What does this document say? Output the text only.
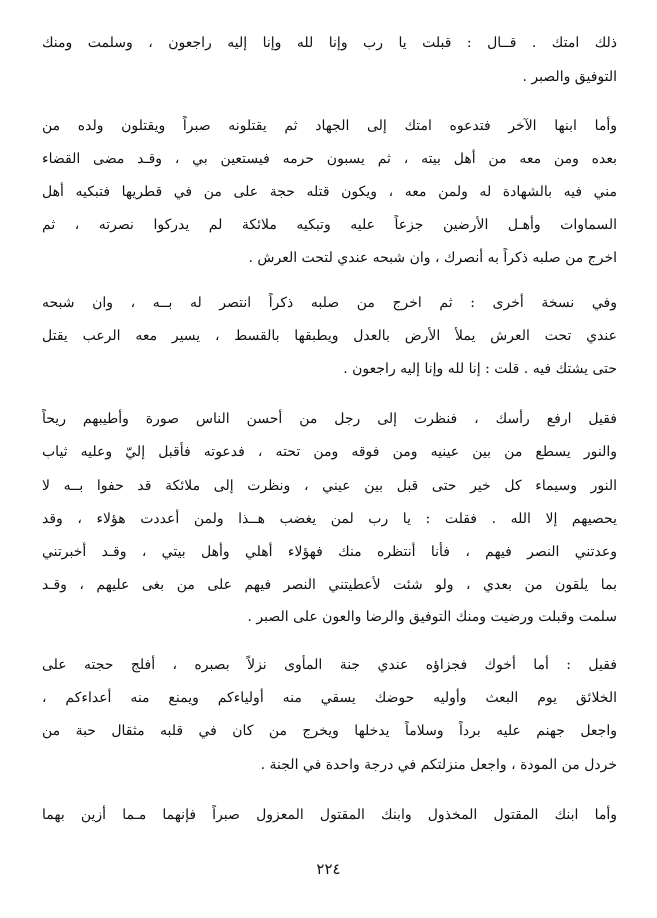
ذلك امتك . قــال : قبلت يا رب وإنا لله وإنا إليه راجعون ، وسلمت ومنك
التوفيق والصبر .
وأما ابنها الآخر فتدعوه امتك إلى الجهاد ثم يقتلونه صبراً ويقتلون ولده من
بعده ومن معه من أهل بيته ، ثم يسبون حرمه فيستعين بي ، وقـد مضى القضاء
مني فيه بالشهادة له ولمن معه ، ويكون قتله حجة على من في قطريها فتبكيه أهل
السماوات وأهـل الأرضين جزعاً عليه وتبكيه ملائكة لم يدركوا نصرته ، ثم
اخرج من صلبه ذكراً به أنصرك ، وان شبحه عندي لتحت العرش .
وفي نسخة أخرى : ثم اخرج من صلبه ذكراً انتصر له بــه ، وان شبحه
عندي تحت العرش يملأ الأرض بالعدل ويطبقها بالقسط ، يسير معه الرعب يقتل
حتى يشتك فيه . قلت : إنا لله وإنا إليه راجعون .
فقيل ارفع رأسك ، فنظرت إلى رجل من أحسن الناس صورة وأطيبهم ريحاً
والنور يسطع من بين عينيه ومن فوقه ومن تحته ، فدعوته فأقبل إليّ وعليه ثياب
النور وسيماء كل خير حتى قبل بين عيني ، ونظرت إلى ملائكة قد حفوا بــه لا
يحصيهم إلا الله . فقلت : يا رب لمن يغضب هــذا ولمن أعددت هؤلاء ، وقد
وعدتني النصر فيهم ، فأنا أنتظره منك فهؤلاء أهلي وأهل بيتي ، وقـد أخبرتني
بما يلقون من بعدي ، ولو شئت لأعطيتني النصر فيهم على من بغى عليهم ، وقـد
سلمت وقبلت ورضيت ومنك التوفيق والرضا والعون على الصبر .
فقيل : أما أخوك فجزاؤه عندي جنة المأوى نزلاً بصبره ، أفلج حجته على
الخلائق يوم البعث وأوليه حوضك يسقي منه أولياءكم ويمنع منه أعداءكم ،
واجعل جهنم عليه برداً وسلاماً يدخلها ويخرج من كان في قلبه مثقال حبة من
خردل من المودة ، واجعل منزلتكم في درجة واحدة في الجنة .
وأما ابنك المقتول المخذول وابنك المقتول المعزول صبراً فإنهما مـما أزين بهما
٢٢٤
